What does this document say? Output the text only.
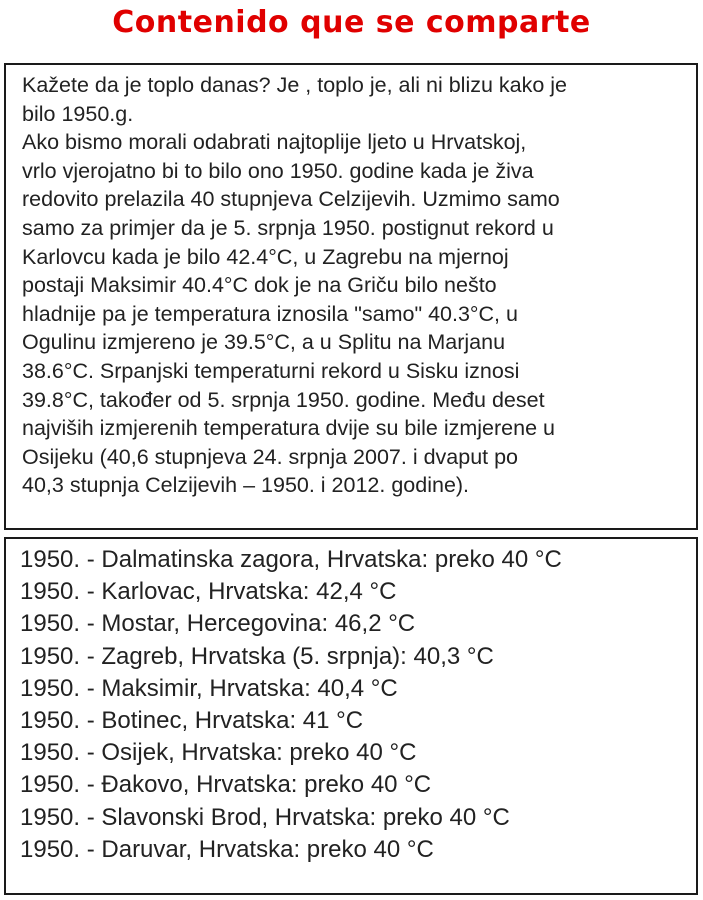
Contenido que se comparte

Kažete da je toplo danas? Je , toplo je, ali ni blizu kako je
bilo 1950.g.
Ako bismo morali odabrati najtoplije ljeto u Hrvatskoj,
vrlo vjerojatno bi to bilo ono 1950. godine kada je živa
redovito prelazila 40 stupnjeva Celzijevih. Uzmimo samo
samo za primjer da je 5. srpnja 1950. postignut rekord u
Karlovcu kada je bilo 42.4°C, u Zagrebu na mjernoj
postaji Maksimir 40.4°C dok je na Griču bilo nešto
hladnije pa je temperatura iznosila "samo" 40.3°C, u
Ogulinu izmjereno je 39.5°C, a u Splitu na Marjanu
38.6°C. Srpanjski temperaturni rekord u Sisku iznosi
39.8°C, također od 5. srpnja 1950. godine. Među deset
najviših izmjerenih temperatura dvije su bile izmjerene u
Osijeku (40,6 stupnjeva 24. srpnja 2007. i dvaput po
40,3 stupnja Celzijevih – 1950. i 2012. godine).

1950. - Dalmatinska zagora, Hrvatska: preko 40 °C
1950. - Karlovac, Hrvatska: 42,4 °C
1950. - Mostar, Hercegovina: 46,2 °C
1950. - Zagreb, Hrvatska (5. srpnja): 40,3 °C
1950. - Maksimir, Hrvatska: 40,4 °C
1950. - Botinec, Hrvatska: 41 °C
1950. - Osijek, Hrvatska: preko 40 °C
1950. - Đakovo, Hrvatska: preko 40 °C
1950. - Slavonski Brod, Hrvatska: preko 40 °C
1950. - Daruvar, Hrvatska: preko 40 °C
